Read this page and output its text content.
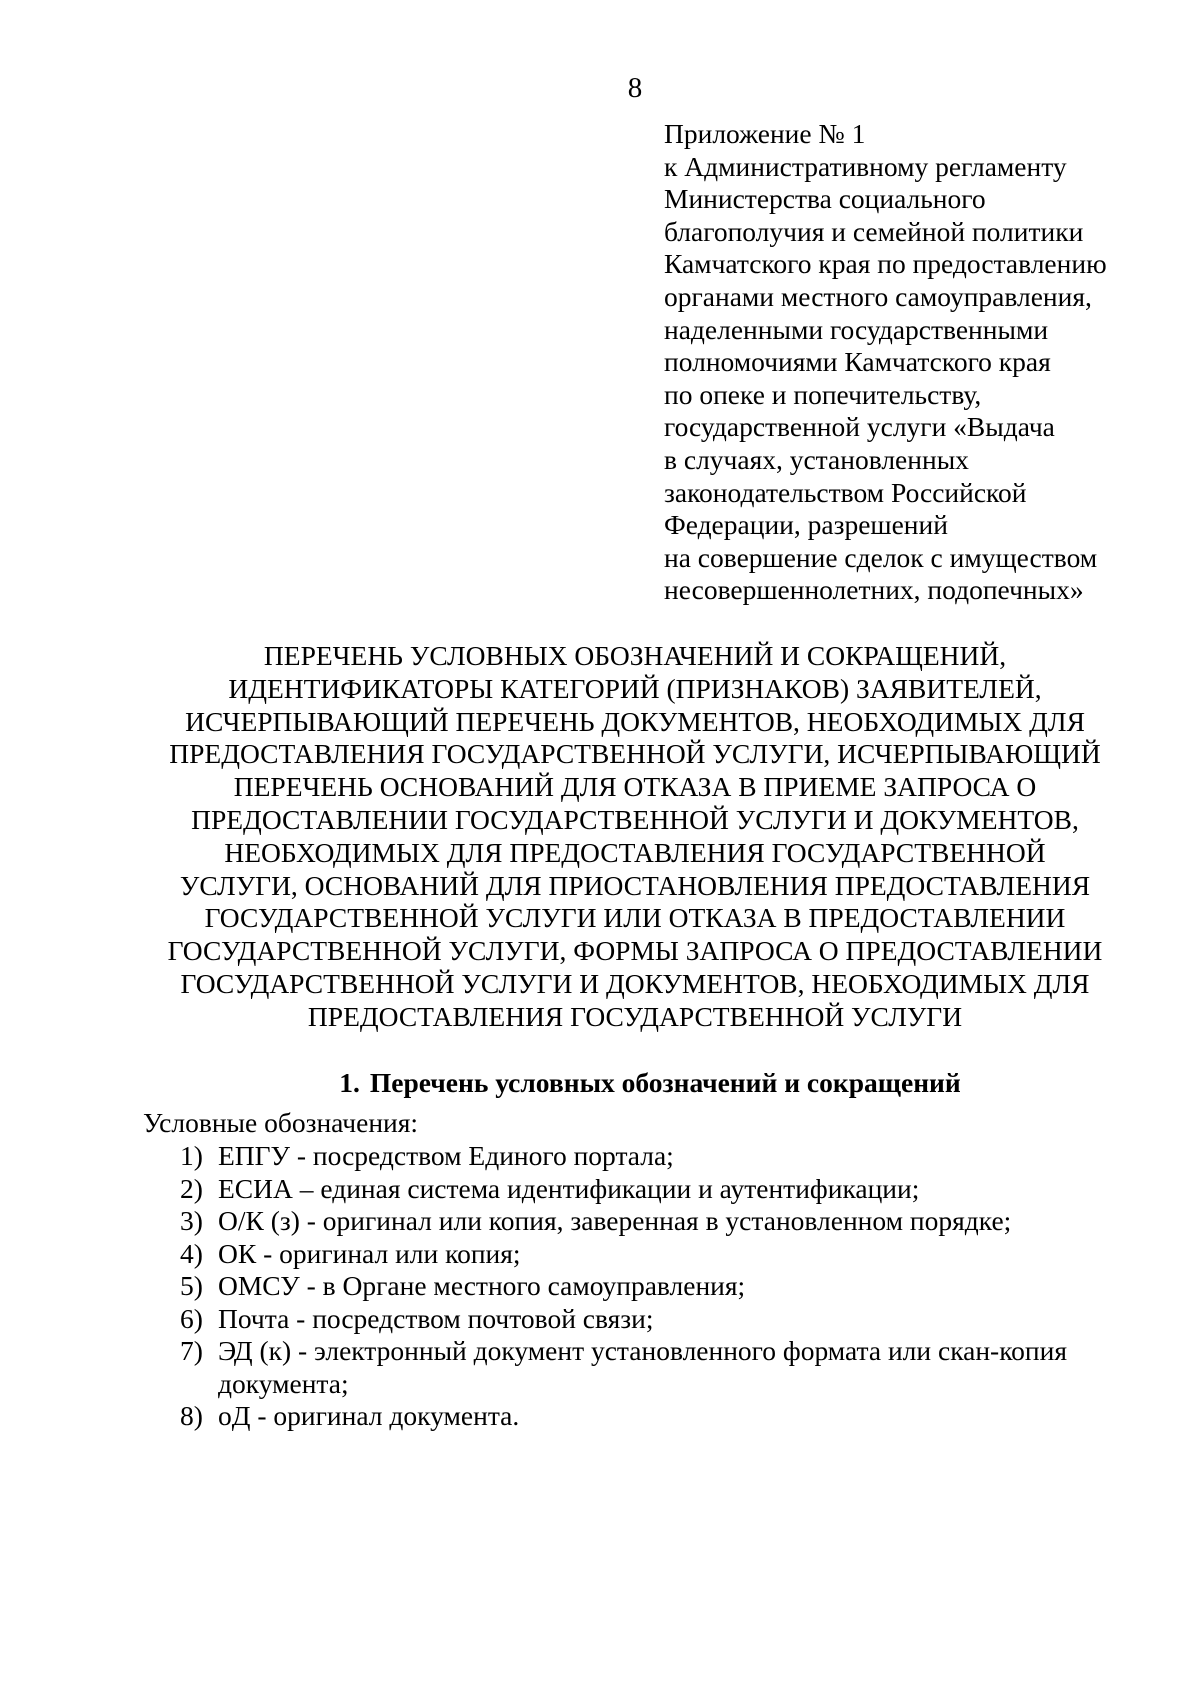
8
Приложение № 1
к Административному регламенту
Министерства социального
благополучия и семейной политики
Камчатского края по предоставлению
органами местного самоуправления,
наделенными государственными
полномочиями Камчатского края
по опеке и попечительству,
государственной услуги «Выдача
в случаях, установленных
законодательством Российской
Федерации, разрешений
на совершение сделок с имуществом
несовершеннолетних, подопечных»
ПЕРЕЧЕНЬ УСЛОВНЫХ ОБОЗНАЧЕНИЙ И СОКРАЩЕНИЙ,
ИДЕНТИФИКАТОРЫ КАТЕГОРИЙ (ПРИЗНАКОВ) ЗАЯВИТЕЛЕЙ,
ИСЧЕРПЫВАЮЩИЙ ПЕРЕЧЕНЬ ДОКУМЕНТОВ, НЕОБХОДИМЫХ ДЛЯ
ПРЕДОСТАВЛЕНИЯ ГОСУДАРСТВЕННОЙ УСЛУГИ, ИСЧЕРПЫВАЮЩИЙ
ПЕРЕЧЕНЬ ОСНОВАНИЙ ДЛЯ ОТКАЗА В ПРИЕМЕ ЗАПРОСА О
ПРЕДОСТАВЛЕНИИ ГОСУДАРСТВЕННОЙ УСЛУГИ И ДОКУМЕНТОВ,
НЕОБХОДИМЫХ ДЛЯ ПРЕДОСТАВЛЕНИЯ ГОСУДАРСТВЕННОЙ
УСЛУГИ, ОСНОВАНИЙ ДЛЯ ПРИОСТАНОВЛЕНИЯ ПРЕДОСТАВЛЕНИЯ
ГОСУДАРСТВЕННОЙ УСЛУГИ ИЛИ ОТКАЗА В ПРЕДОСТАВЛЕНИИ
ГОСУДАРСТВЕННОЙ УСЛУГИ, ФОРМЫ ЗАПРОСА О ПРЕДОСТАВЛЕНИИ
ГОСУДАРСТВЕННОЙ УСЛУГИ И ДОКУМЕНТОВ, НЕОБХОДИМЫХ ДЛЯ
ПРЕДОСТАВЛЕНИЯ ГОСУДАРСТВЕННОЙ УСЛУГИ
1. Перечень условных обозначений и сокращений
Условные обозначения:
1) ЕПГУ - посредством Единого портала;
2) ЕСИА – единая система идентификации и аутентификации;
3) О/К (з) - оригинал или копия, заверенная в установленном порядке;
4) ОК - оригинал или копия;
5) ОМСУ - в Органе местного самоуправления;
6) Почта - посредством почтовой связи;
7) ЭД (к) - электронный документ установленного формата или скан-копия документа;
8) оД - оригинал документа.
